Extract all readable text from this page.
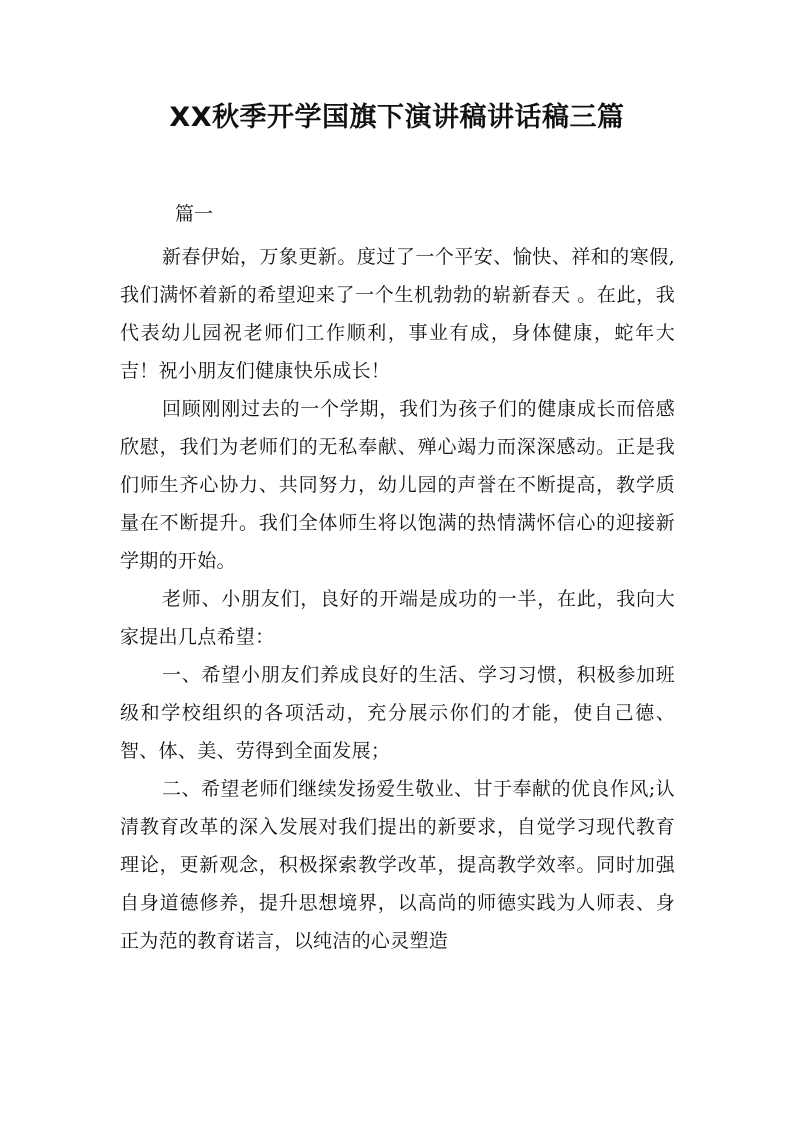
XX秋季开学国旗下演讲稿讲话稿三篇
篇一

新春伊始，万象更新。度过了一个平安、愉快、祥和的寒假,我们满怀着新的希望迎来了一个生机勃勃的崭新春天 。在此，我代表幼儿园祝老师们工作顺利，事业有成，身体健康，蛇年大吉！祝小朋友们健康快乐成长！

回顾刚刚过去的一个学期，我们为孩子们的健康成长而倍感欣慰，我们为老师们的无私奉献、殚心竭力而深深感动。正是我们师生齐心协力、共同努力，幼儿园的声誉在不断提高，教学质量在不断提升。我们全体师生将以饱满的热情满怀信心的迎接新学期的开始。

老师、小朋友们，良好的开端是成功的一半，在此，我向大家提出几点希望：

一、希望小朋友们养成良好的生活、学习习惯，积极参加班级和学校组织的各项活动，充分展示你们的才能，使自己德、智、体、美、劳得到全面发展；

二、希望老师们继续发扬爱生敬业、甘于奉献的优良作风;认清教育改革的深入发展对我们提出的新要求，自觉学习现代教育理论，更新观念，积极探索教学改革，提高教学效率。同时加强自身道德修养，提升思想境界，以高尚的师德实践为人师表、身正为范的教育诺言，以纯洁的心灵塑造
